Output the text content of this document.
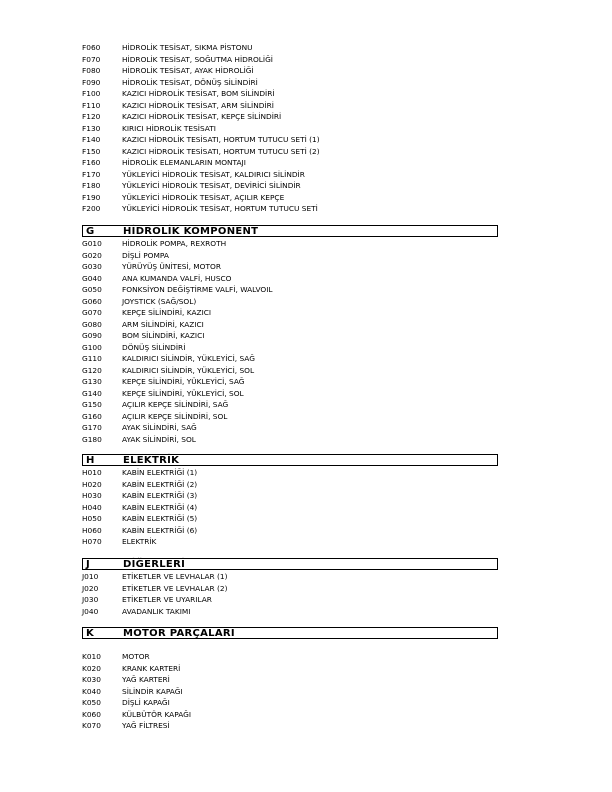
F060	HİDROLİK TESİSAT, SIKMA PİSTONU
F070	HİDROLİK TESİSAT, SOĞUTMA HİDROLİĞİ
F080	HİDROLİK TESİSAT, AYAK HİDROLİĞİ
F090	HİDROLİK TESİSAT, DÖNÜŞ SİLİNDİRİ
F100	KAZICI HİDROLİK TESİSAT, BOM SİLİNDİRİ
F110	KAZICI HİDROLİK TESİSAT, ARM SİLİNDİRİ
F120	KAZICI HİDROLİK TESİSAT, KEPÇE SİLİNDİRİ
F130	KIRICI HİDROLİK TESİSATI
F140	KAZICI HİDROLİK TESİSATI, HORTUM TUTUCU SETİ (1)
F150	KAZICI HİDROLİK TESİSATI, HORTUM TUTUCU SETİ (2)
F160	HİDROLİK ELEMANLARIN MONTAJI
F170	YÜKLEYİCİ HİDROLİK TESİSAT, KALDIRICI SİLİNDİR
F180	YÜKLEYİCİ HİDROLİK TESİSAT, DEVİRİCİ SİLİNDİR
F190	YÜKLEYİCİ HİDROLİK TESİSAT, AÇILIR KEPÇE
F200	YÜKLEYİCİ HİDROLİK TESİSAT, HORTUM TUTUCU SETİ
G	HİDROLİK KOMPONENT
G010	HİDROLİK POMPA, REXROTH
G020	DİŞLİ POMPA
G030	YÜRÜYÜŞ ÜNİTESİ, MOTOR
G040	ANA KUMANDA VALFİ, HUSCO
G050	FONKSİYON DEĞİŞTİRME VALFİ, WALVOIL
G060	JOYSTICK (SAĞ/SOL)
G070	KEPÇE SİLİNDİRİ, KAZICI
G080	ARM SİLİNDİRİ, KAZICI
G090	BOM SİLİNDİRİ, KAZICI
G100	DÖNÜŞ SİLİNDİRİ
G110	KALDIRICI SİLİNDİR, YÜKLEYİCİ, SAĞ
G120	KALDIRICI SİLİNDİR, YÜKLEYİCİ, SOL
G130	KEPÇE SİLİNDİRİ, YÜKLEYİCİ, SAĞ
G140	KEPÇE SİLİNDİRİ, YÜKLEYİCİ, SOL
G150	AÇILIR KEPÇE SİLİNDİRİ, SAĞ
G160	AÇILIR KEPÇE SİLİNDİRİ, SOL
G170	AYAK SİLİNDİRİ, SAĞ
G180	AYAK SİLİNDİRİ, SOL
H	ELEKTRİK
H010	KABİN ELEKTRİĞİ (1)
H020	KABİN ELEKTRİĞİ (2)
H030	KABİN ELEKTRİĞİ (3)
H040	KABİN ELEKTRİĞİ (4)
H050	KABİN ELEKTRİĞİ (5)
H060	KABİN ELEKTRİĞİ (6)
H070	ELEKTRİK
J	DİĞERLERİ
J010	ETİKETLER VE LEVHALAR (1)
J020	ETİKETLER VE LEVHALAR (2)
J030	ETİKETLER VE UYARILAR
J040	AVADANLIK TAKIMI
K	MOTOR PARÇALARI
K010	MOTOR
K020	KRANK KARTERİ
K030	YAĞ KARTERİ
K040	SİLİNDİR KAPAĞI
K050	DİŞLİ KAPAĞI
K060	KÜLBÜTÖR KAPAĞI
K070	YAĞ FİLTRESİ
